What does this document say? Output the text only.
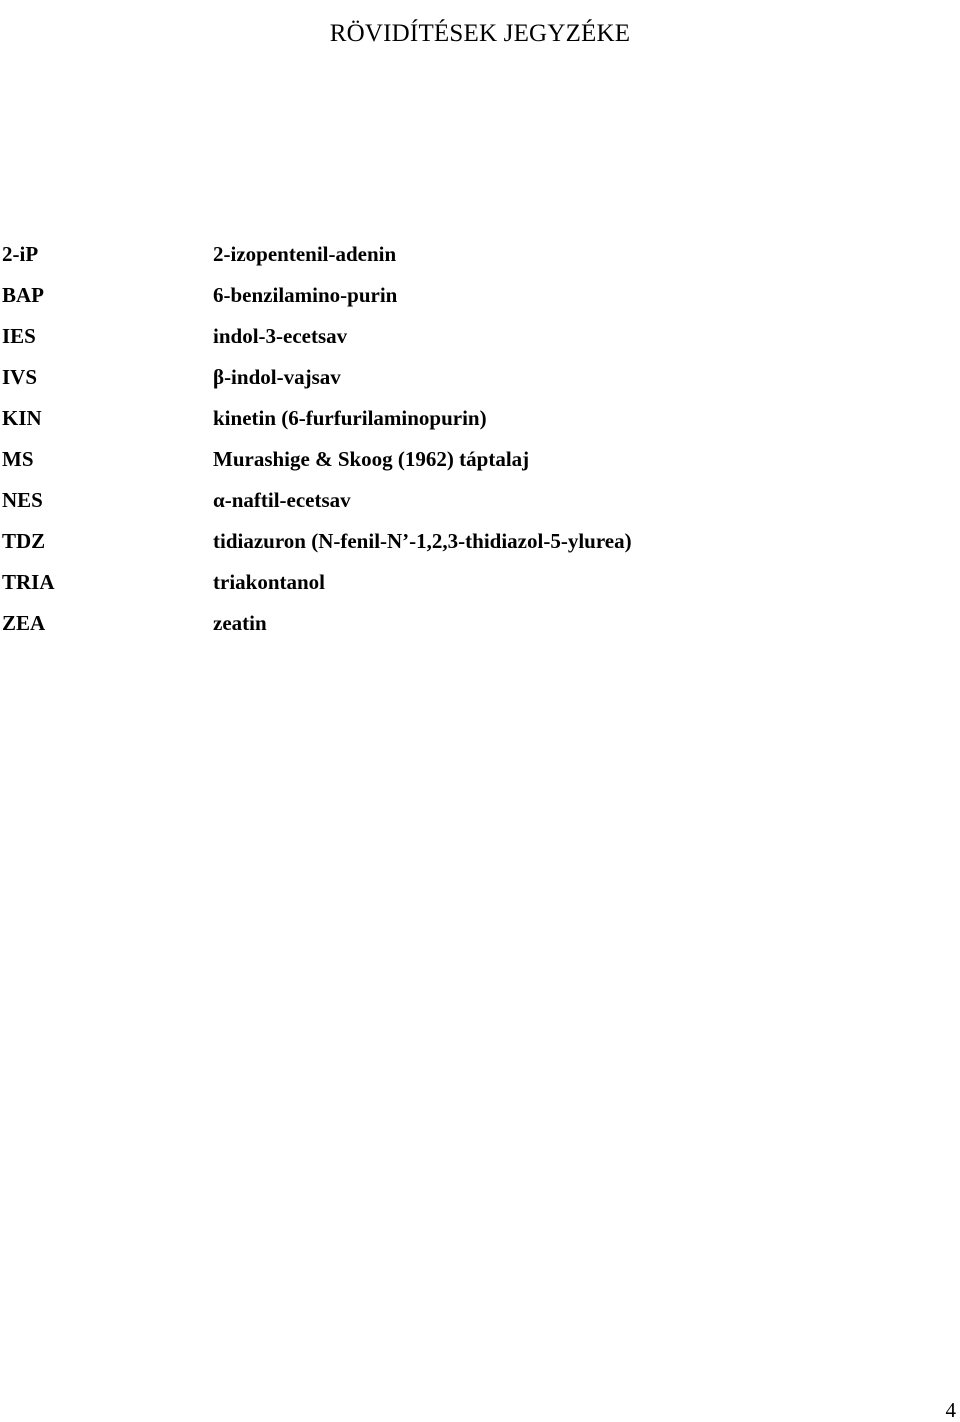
RÖVIDÍTÉSEK JEGYZÉKE
2-iP	2-izopentenil-adenin
BAP	6-benzilamino-purin
IES	indol-3-ecetsav
IVS	β-indol-vajsav
KIN	kinetin (6-furfurilaminopurin)
MS	Murashige & Skoog (1962) táptalaj
NES	α-naftil-ecetsav
TDZ	tidiazuron (N-fenil-N’-1,2,3-thidiazol-5-ylurea)
TRIA	triakontanol
ZEA	zeatin
4
